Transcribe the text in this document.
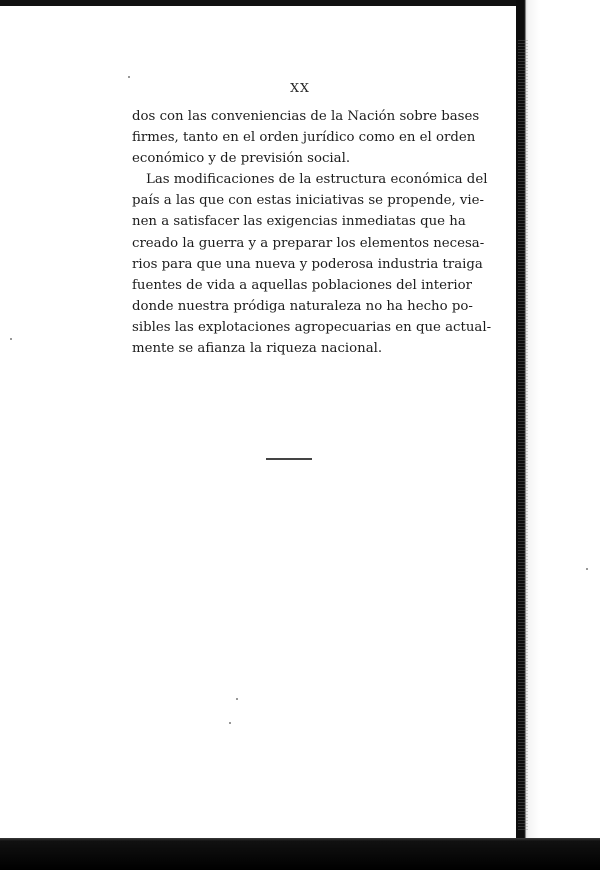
XX

dos con las conveniencias de la Nación sobre bases
firmes, tanto en el orden jurídico como en el orden
económico y de previsión social.

Las modificaciones de la estructura económica del
país a las que con estas iniciativas se propende, vie-
nen a satisfacer las exigencias inmediatas que ha
creado la guerra y a preparar los elementos necesa-
rios para que una nueva y poderosa industria traiga
fuentes de vida a aquellas poblaciones del interior
donde nuestra pródiga naturaleza no ha hecho po-
sibles las explotaciones agropecuarias en que actual-
mente se afianza la riqueza nacional.
